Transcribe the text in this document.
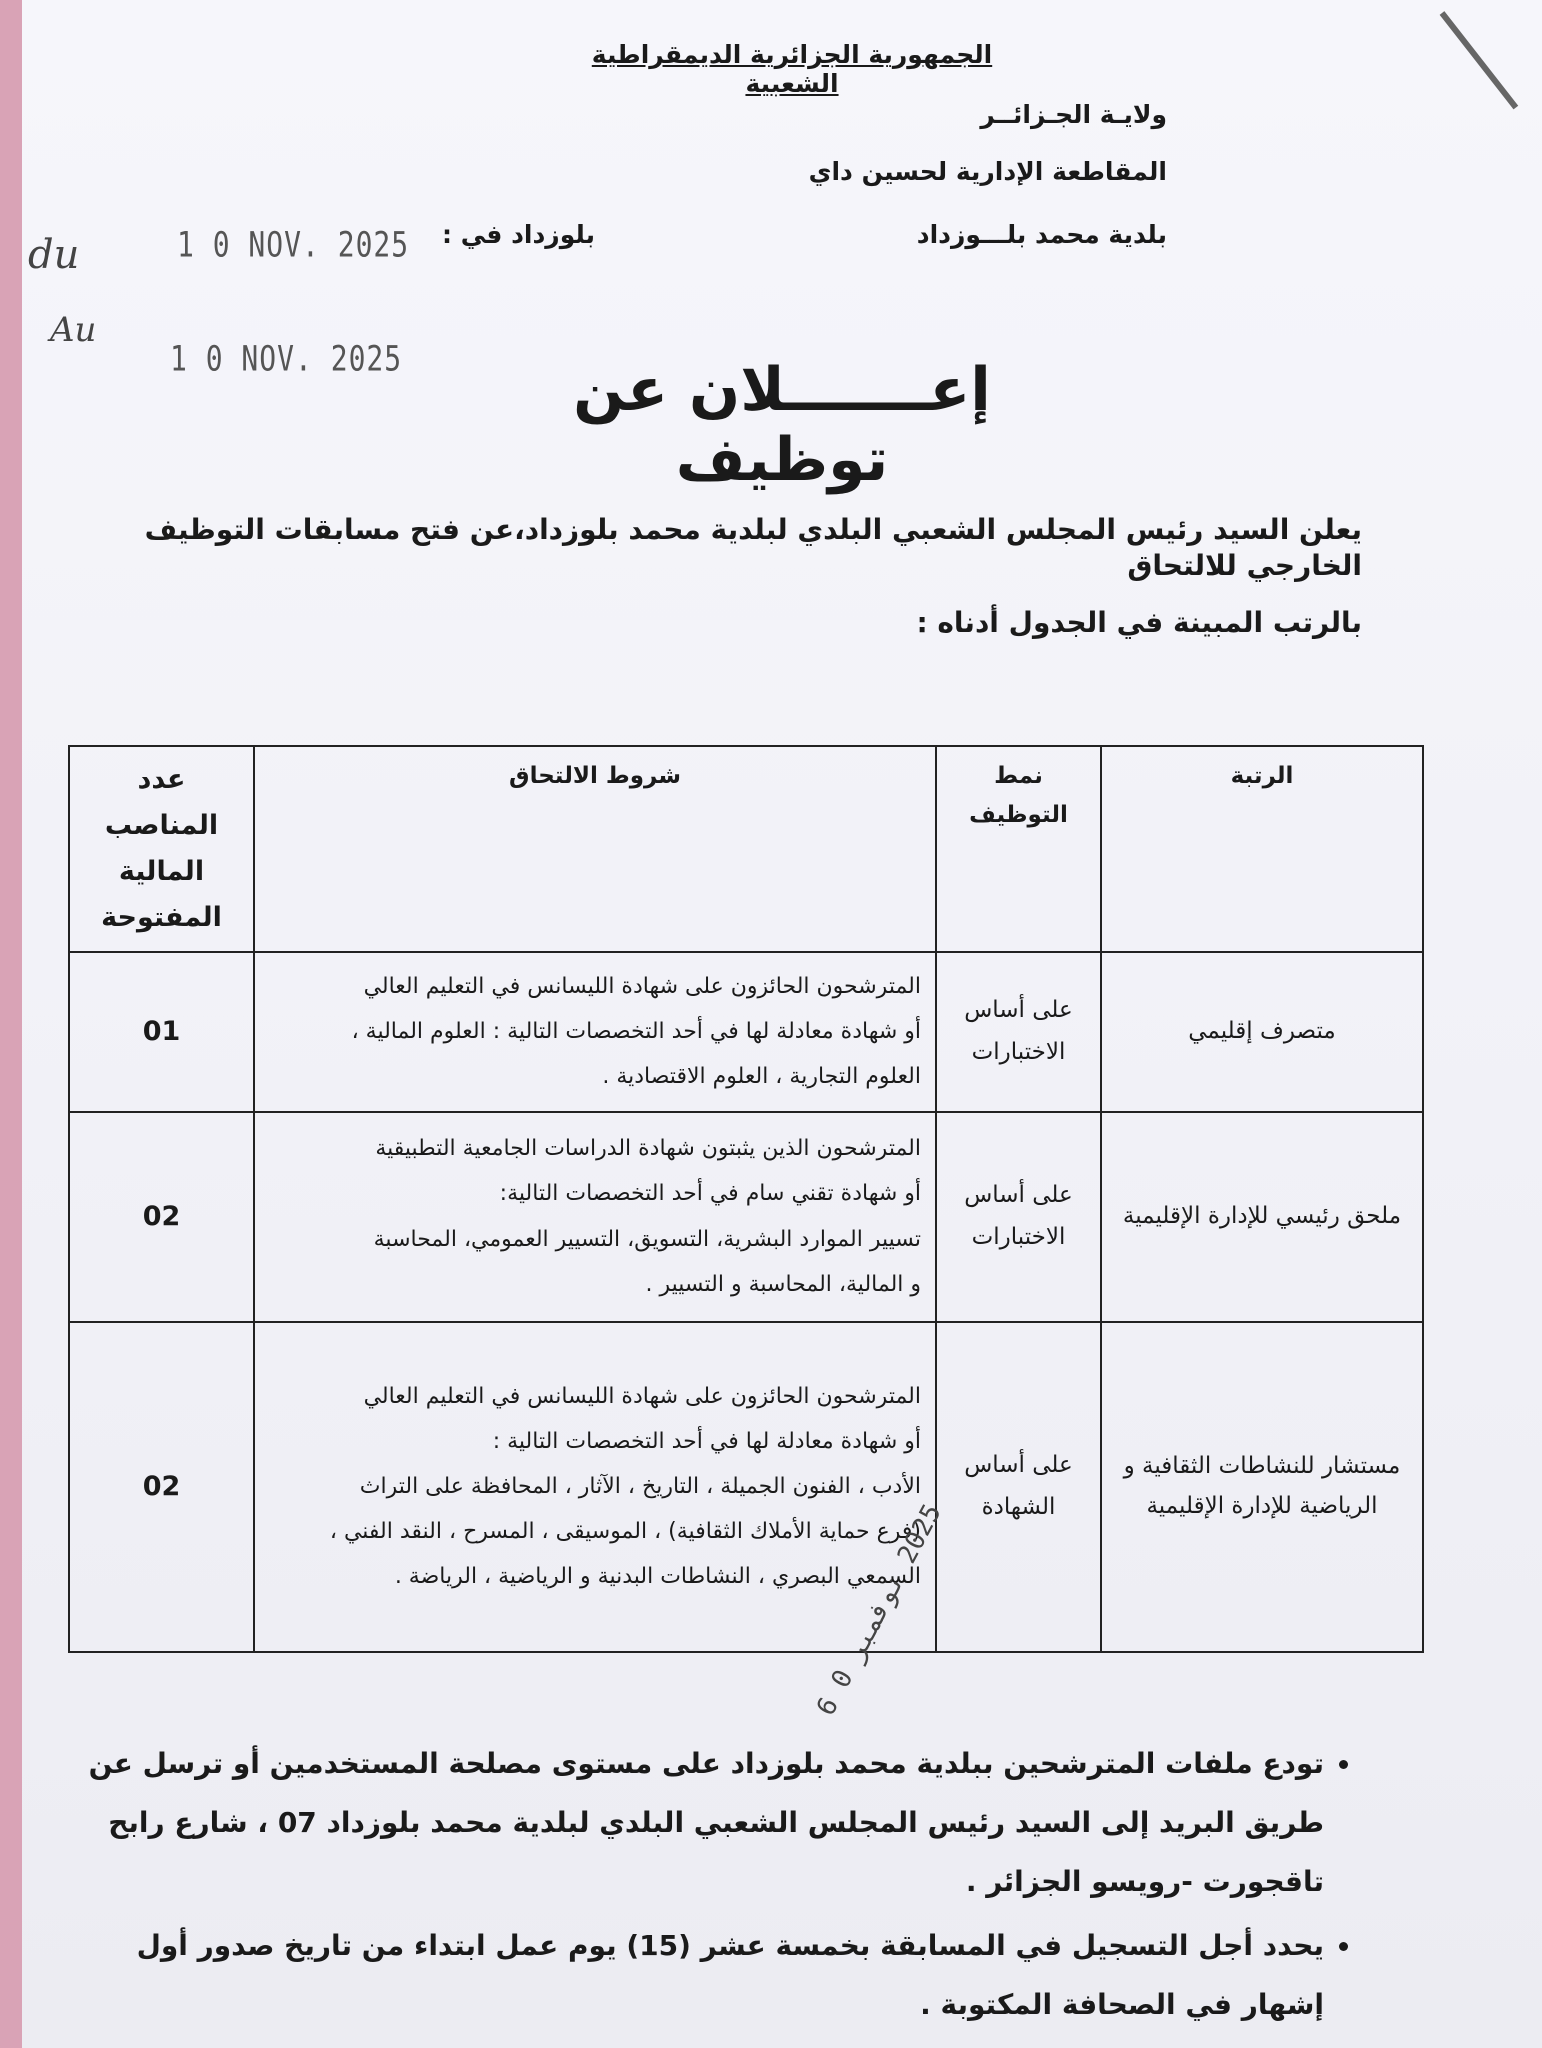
الجمهورية الجزائرية الديمقراطية الشعبية
ولايـة الجـزائــر
المقاطعة الإدارية لحسين داي
بلدية محمد بلـــوزداد
بلوزداد في :
1 0 NOV. 2025
1 0 NOV. 2025
du
Au
إعـــــــلان عن توظيف
يعلن السيد رئيس المجلس الشعبي البلدي لبلدية محمد بلوزداد،عن فتح مسابقات التوظيف الخارجي للالتحاق
بالرتب المبينة في الجدول أدناه :
الرتبة	نمط التوظيف	شروط الالتحاق	عدد المناصب المالية المفتوحة
متصرف إقليمي	على أساس الاختبارات	المترشحون الحائزون على شهادة الليسانس في التعليم العالي
أو شهادة معادلة لها في أحد التخصصات التالية : العلوم المالية ،
العلوم التجارية ، العلوم الاقتصادية .	01
ملحق رئيسي للإدارة الإقليمية	على أساس الاختبارات	المترشحون الذين يثبتون شهادة الدراسات الجامعية التطبيقية
أو شهادة تقني سام في أحد التخصصات التالية:
تسيير الموارد البشرية، التسويق، التسيير العمومي، المحاسبة
و المالية، المحاسبة و التسيير .	02
مستشار للنشاطات الثقافية و الرياضية للإدارة الإقليمية	على أساس الشهادة	المترشحون الحائزون على شهادة الليسانس في التعليم العالي
أو شهادة معادلة لها في أحد التخصصات التالية :
الأدب ، الفنون الجميلة ، التاريخ ، الآثار ، المحافظة على التراث
(فرع حماية الأملاك الثقافية) ، الموسيقى ، المسرح ، النقد الفني ،
السمعي البصري ، النشاطات البدنية و الرياضية ، الرياضة .	02
2025 نوفمبر 0 6
• تودع ملفات المترشحين ببلدية محمد بلوزداد على مستوى مصلحة المستخدمين أو ترسل عن طريق البريد إلى السيد رئيس المجلس الشعبي البلدي لبلدية محمد بلوزداد 07 ، شارع رابح تاقجورت -رويسو الجزائر .
• يحدد أجل التسجيل في المسابقة بخمسة عشر (15) يوم عمل ابتداء من تاريخ صدور أول إشهار في الصحافة المكتوبة .
